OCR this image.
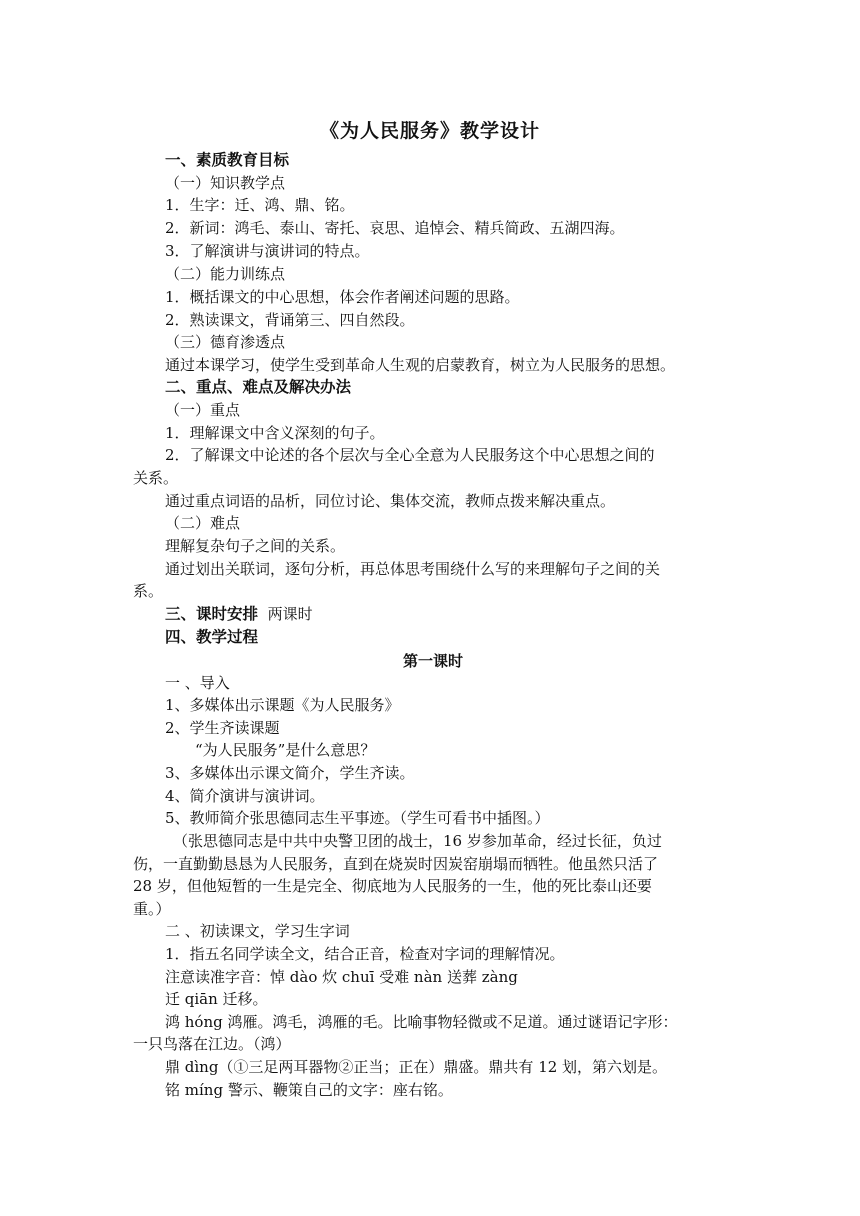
《为人民服务》教学设计
一、素质教育目标
（一）知识教学点
1．生字：迁、鸿、鼎、铭。
2．新词：鸿毛、泰山、寄托、哀思、追悼会、精兵简政、五湖四海。
3．了解演讲与演讲词的特点。
（二）能力训练点
1．概括课文的中心思想，体会作者阐述问题的思路。
2．熟读课文，背诵第三、四自然段。
（三）德育渗透点
通过本课学习，使学生受到革命人生观的启蒙教育，树立为人民服务的思想。
二、重点、难点及解决办法
（一）重点
1．理解课文中含义深刻的句子。
2．了解课文中论述的各个层次与全心全意为人民服务这个中心思想之间的
关系。
通过重点词语的品析，同位讨论、集体交流，教师点拨来解决重点。
（二）难点
理解复杂句子之间的关系。
通过划出关联词，逐句分析，再总体思考围绕什么写的来理解句子之间的关
系。
三、课时安排 两课时
四、教学过程
第一课时
一 、导入
1、多媒体出示课题《为人民服务》
2、学生齐读课题
“为人民服务”是什么意思？
3、多媒体出示课文简介，学生齐读。
4、简介演讲与演讲词。
5、教师简介张思德同志生平事迹。（学生可看书中插图。）
（张思德同志是中共中央警卫团的战士，16 岁参加革命，经过长征，负过
伤，一直勤勤恳恳为人民服务，直到在烧炭时因炭窑崩塌而牺牲。他虽然只活了
28 岁，但他短暂的一生是完全、彻底地为人民服务的一生，他的死比泰山还要
重。）
二 、初读课文，学习生字词
1．指五名同学读全文，结合正音，检查对字词的理解情况。
注意读准字音：悼 dào 炊 chuī 受难 nàn 送葬 zàng
迁 qiān 迁移。
鸿 hóng 鸿雁。鸿毛，鸿雁的毛。比喻事物轻微或不足道。通过谜语记字形：
一只鸟落在江边。（鸿）
鼎 dìng（①三足两耳器物②正当；正在）鼎盛。鼎共有 12 划，第六划是。
铭 míng 警示、鞭策自己的文字：座右铭。
